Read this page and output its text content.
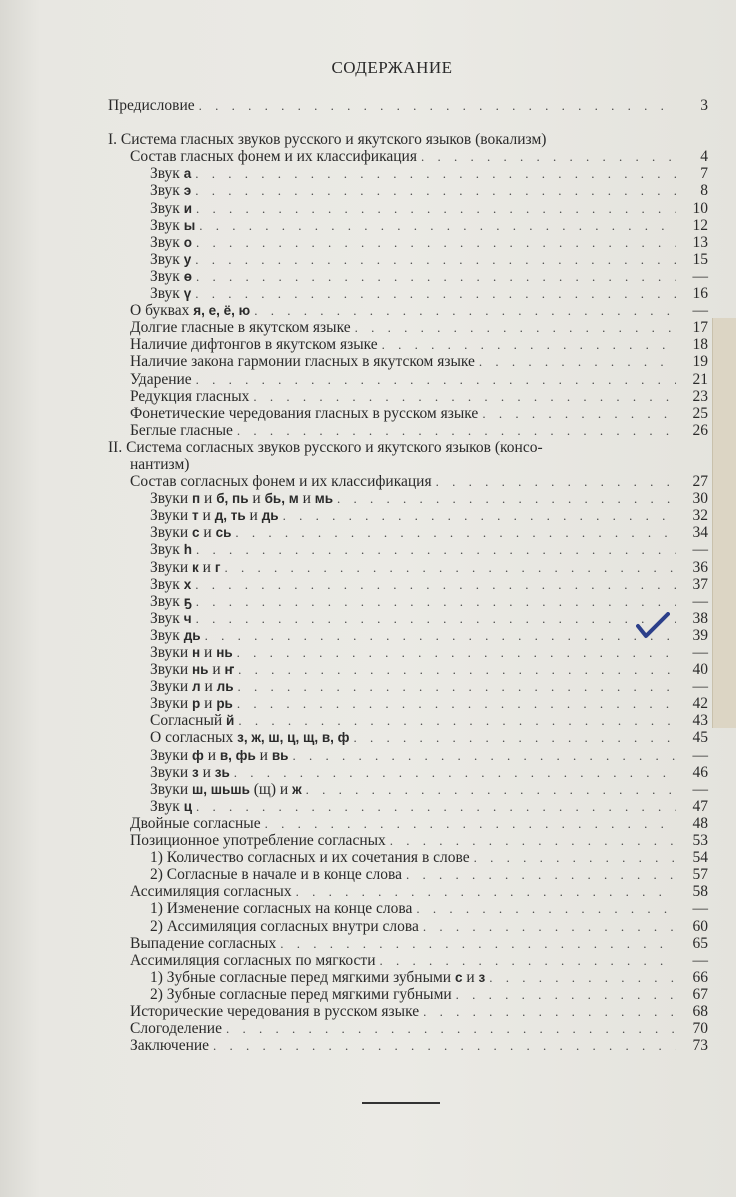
СОДЕРЖАНИЕ
Предисловие . . .	3
I. Система гласных звуков русского и якутского языков (вокализм)
Состав гласных фонем и их классификация . . .	4
Звук а . . .	7
Звук э . . .	8
Звук и . . .	10
Звук ы . . .	12
Звук о . . .	13
Звук у . . .	15
Звук ө . . .	—
Звук ү . . .	16
О буквах я, е, ё, ю . . .	—
Долгие гласные в якутском языке . . .	17
Наличие дифтонгов в якутском языке . . .	18
Наличие закона гармонии гласных в якутском языке . . .	19
Ударение . . .	21
Редукция гласных . . .	23
Фонетические чередования гласных в русском языке . . .	25
Беглые гласные . . .	26
II. Система согласных звуков русского и якутского языков (консо-
нантизм)
Состав согласных фонем и их классификация . . .	27
Звуки п и б, пь и бь, м и мь . . .	30
Звуки т и д, ть и дь . . .	32
Звуки с и сь . . .	34
Звук һ . . .	—
Звуки к и г . . .	36
Звук х . . .	37
Звук ҕ . . .	—
Звук ч . . .	38
Звук дь . . .	39
Звуки н и нь . . .	—
Звуки нь и ҥ . . .	40
Звуки л и ль . . .	—
Звуки р и рь . . .	42
Согласный й . . .	43
О согласных з, ж, ш, ц, щ, в, ф . . .	45
Звуки ф и в, фь и вь . . .	—
Звуки з и зь . . .	46
Звуки ш, шьшь (щ) и ж . . .	—
Звук ц . . .	47
Двойные согласные . . .	48
Позиционное употребление согласных . . .	53
1) Количество согласных и их сочетания в слове . . .	54
2) Согласные в начале и в конце слова . . .	57
Ассимиляция согласных . . .	58
1) Изменение согласных на конце слова . . .	—
2) Ассимиляция согласных внутри слова . . .	60
Выпадение согласных . . .	65
Ассимиляция согласных по мягкости . . .	—
1) Зубные согласные перед мягкими зубными с и з . . .	66
2) Зубные согласные перед мягкими губными . . .	67
Исторические чередования в русском языке . . .	68
Слогоделение . . .	70
Заключение . . .	73
